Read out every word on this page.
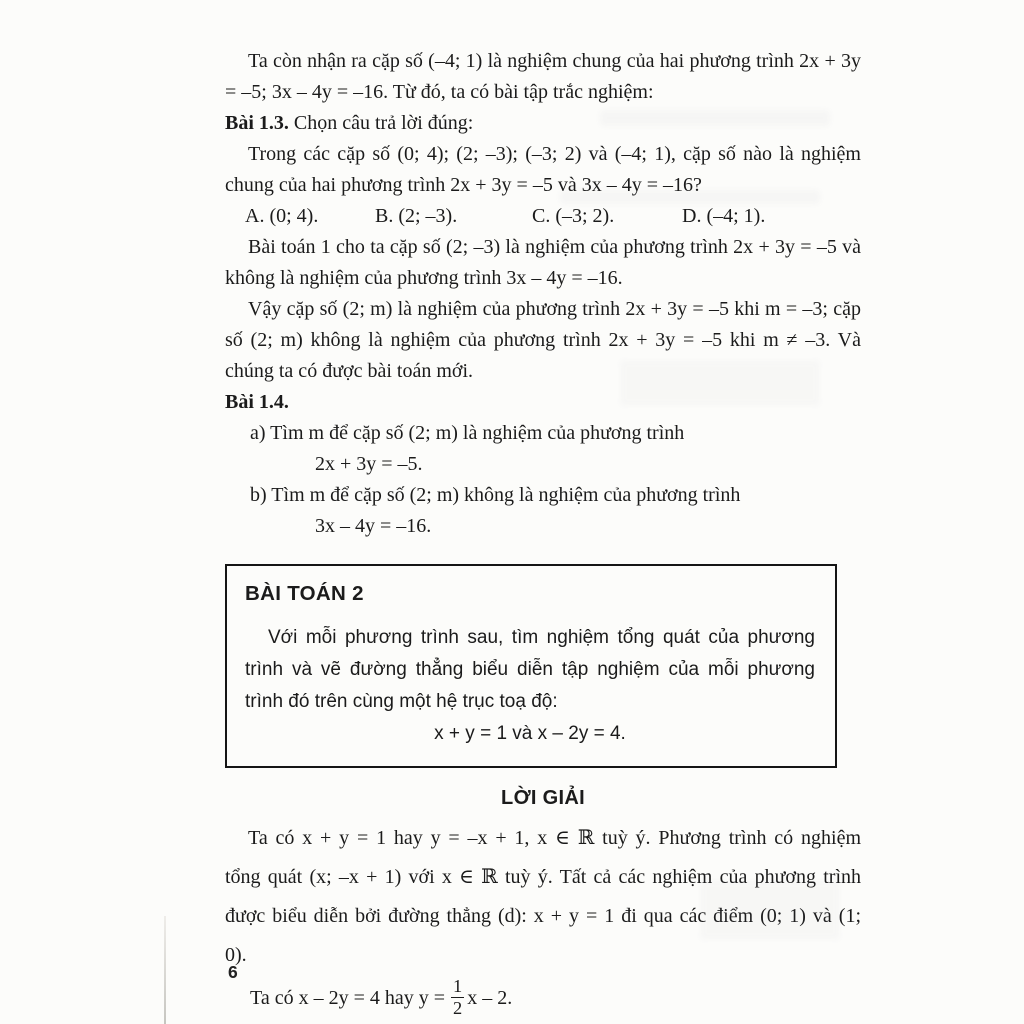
Ta còn nhận ra cặp số (–4; 1) là nghiệm chung của hai phương trình 2x + 3y = –5; 3x – 4y = –16. Từ đó, ta có bài tập trắc nghiệm:

Bài 1.3. Chọn câu trả lời đúng:

Trong các cặp số (0; 4); (2; –3); (–3; 2) và (–4; 1), cặp số nào là nghiệm chung của hai phương trình 2x + 3y = –5 và 3x – 4y = –16?

A. (0; 4).	B. (2; –3).	C. (–3; 2).	D. (–4; 1).

Bài toán 1 cho ta cặp số (2; –3) là nghiệm của phương trình 2x + 3y = –5 và không là nghiệm của phương trình 3x – 4y = –16.

Vậy cặp số (2; m) là nghiệm của phương trình 2x + 3y = –5 khi m = –3; cặp số (2; m) không là nghiệm của phương trình 2x + 3y = –5 khi m ≠ –3. Và chúng ta có được bài toán mới.

Bài 1.4.

a) Tìm m để cặp số (2; m) là nghiệm của phương trình

2x + 3y = –5.

b) Tìm m để cặp số (2; m) không là nghiệm của phương trình

3x – 4y = –16.

BÀI TOÁN 2

Với mỗi phương trình sau, tìm nghiệm tổng quát của phương trình và vẽ đường thẳng biểu diễn tập nghiệm của mỗi phương trình đó trên cùng một hệ trục toạ độ:

x + y = 1 và x – 2y = 4.

LỜI GIẢI

Ta có x + y = 1 hay y = –x + 1, x ∈ ℝ tuỳ ý. Phương trình có nghiệm tổng quát (x; –x + 1) với x ∈ ℝ tuỳ ý. Tất cả các nghiệm của phương trình được biểu diễn bởi đường thẳng (d): x + y = 1 đi qua các điểm (0; 1) và (1; 0).

Ta có x – 2y = 4 hay $y = \frac{1}{2}$ x – 2.

6
